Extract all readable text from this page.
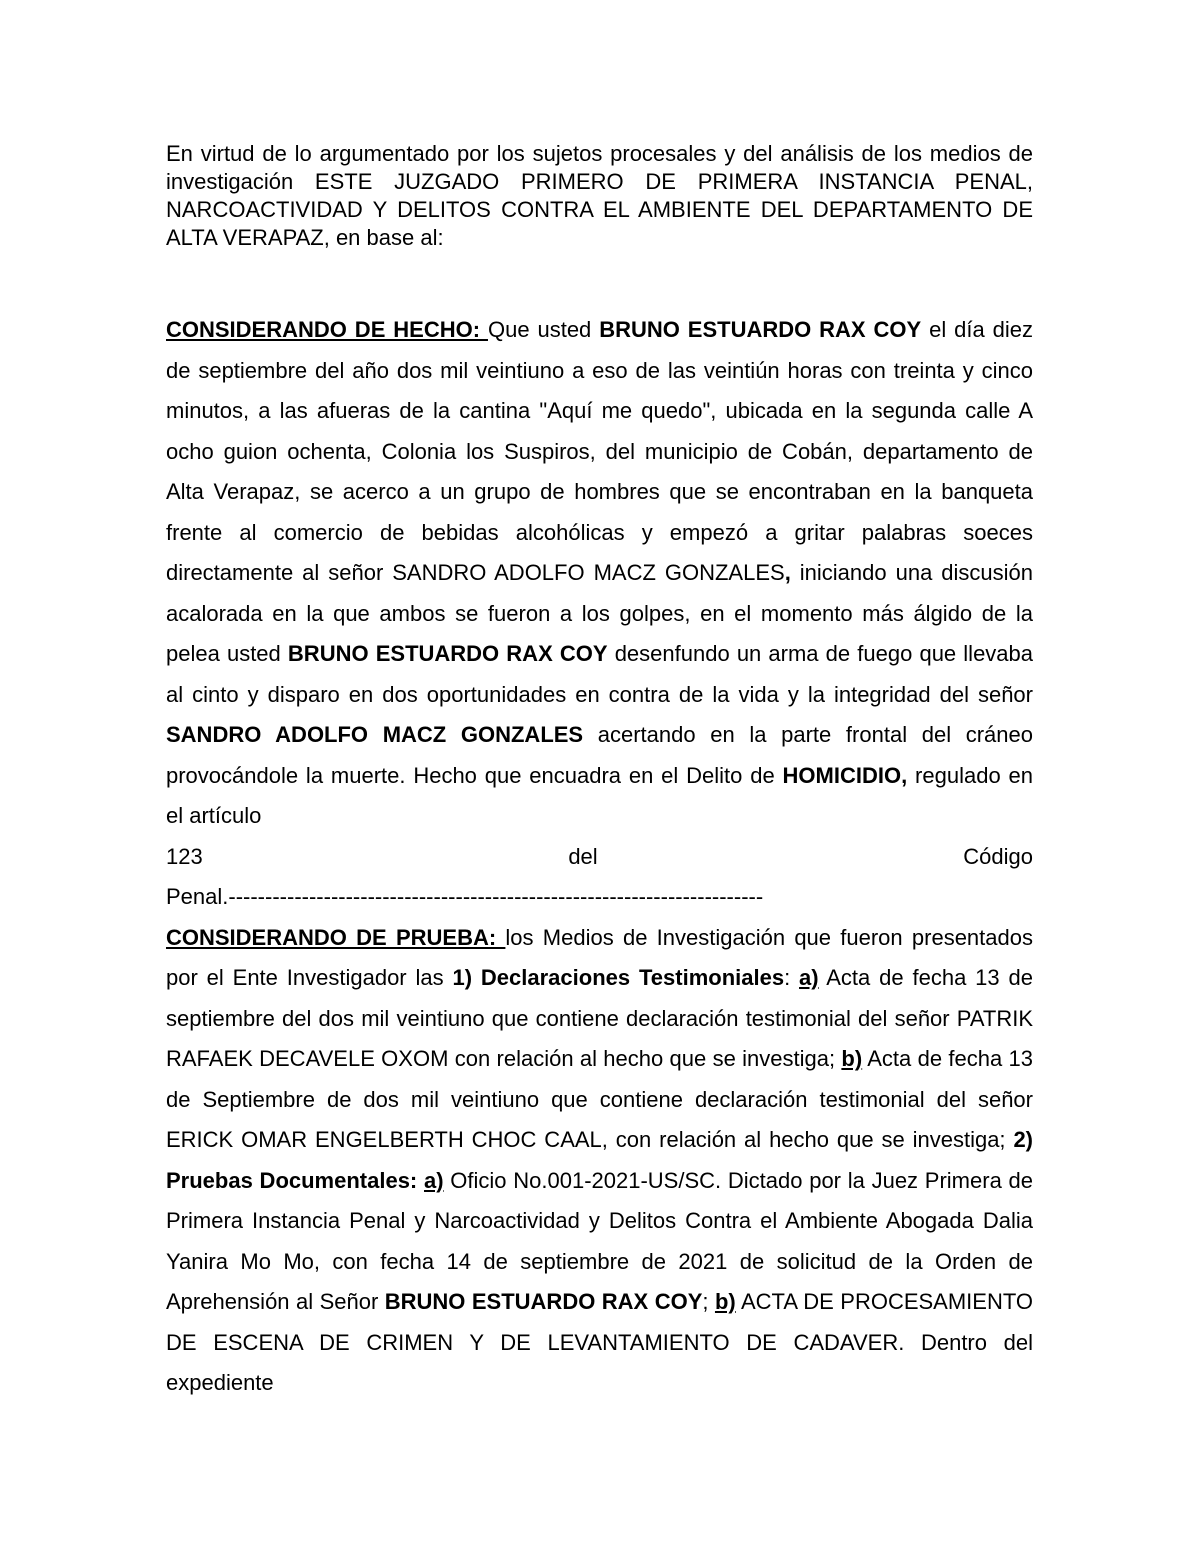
En virtud de lo argumentado por los sujetos procesales y del análisis de los medios de investigación ESTE JUZGADO PRIMERO DE PRIMERA INSTANCIA PENAL, NARCOACTIVIDAD Y DELITOS CONTRA EL AMBIENTE DEL DEPARTAMENTO DE ALTA VERAPAZ, en base al:

CONSIDERANDO DE HECHO: Que usted BRUNO ESTUARDO RAX COY el día diez de septiembre del año dos mil veintiuno a eso de las veintiún horas con treinta y cinco minutos, a las afueras de la cantina "Aquí me quedo", ubicada en la segunda calle A ocho guion ochenta, Colonia los Suspiros, del municipio de Cobán, departamento de Alta Verapaz, se acerco a un grupo de hombres que se encontraban en la banqueta frente al comercio de bebidas alcohólicas y empezó a gritar palabras soeces directamente al señor SANDRO ADOLFO MACZ GONZALES, iniciando una discusión acalorada en la que ambos se fueron a los golpes, en el momento más álgido de la pelea usted BRUNO ESTUARDO RAX COY desenfundo un arma de fuego que llevaba al cinto y disparo en dos oportunidades en contra de la vida y la integridad del señor SANDRO ADOLFO MACZ GONZALES acertando en la parte frontal del cráneo provocándole la muerte. Hecho que encuadra en el Delito de HOMICIDIO, regulado en el artículo

123	del	Código
Penal.-------------------------------------------------------------------------

CONSIDERANDO DE PRUEBA: los Medios de Investigación que fueron presentados por el Ente Investigador las 1) Declaraciones Testimoniales: a) Acta de fecha 13 de septiembre del dos mil veintiuno que contiene declaración testimonial del señor PATRIK RAFAEK DECAVELE OXOM con relación al hecho que se investiga; b) Acta de fecha 13 de Septiembre de dos mil veintiuno que contiene declaración testimonial del señor ERICK OMAR ENGELBERTH CHOC CAAL, con relación al hecho que se investiga; 2) Pruebas Documentales: a) Oficio No.001-2021-US/SC. Dictado por la Juez Primera de Primera Instancia Penal y Narcoactividad y Delitos Contra el Ambiente Abogada Dalia Yanira Mo Mo, con fecha 14 de septiembre de 2021 de solicitud de la Orden de Aprehensión al Señor BRUNO ESTUARDO RAX COY; b) ACTA DE PROCESAMIENTO DE ESCENA DE CRIMEN Y DE LEVANTAMIENTO DE CADAVER. Dentro del expediente
